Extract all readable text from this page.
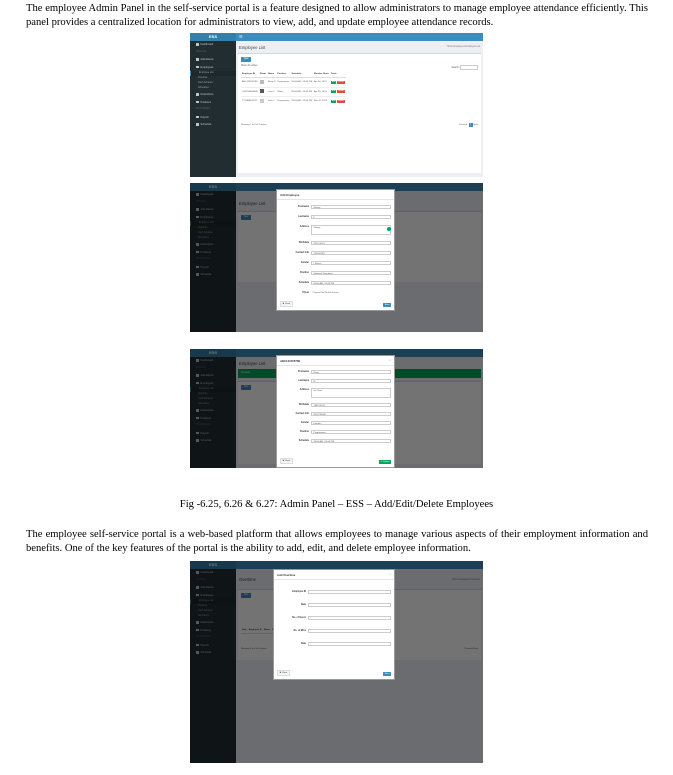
The employee Admin Panel in the self-service portal is a feature designed to allow administrators to manage employee attendance efficiently. This panel provides a centralized location for administrators to view, add, and update employee attendance records.

ESS	☰
Dashboard
MANAGE
Attendance
Employees
Employee List
Overtime
Cash Advance
Schedules
Deductions
Positions
PRINTABLES
Payroll
Schedule
Employee List	Home Employees Employee List
New
Show 10 entries
Search:
Employee ID	Photo	Name	Position	Schedule	Member Since	Tools
ABC123456789		Rony N	Programmer	08:00 AM - 05:00 PM	Apr 30, 2023	Edit Delete
CGN784608846		Lima C	Writer	08:00 AM - 05:00 PM	Apr 30, 2023	Edit Delete
TTZN89644172		Jack L	Programmer	08:00 AM - 05:00 PM	Mar 10, 2023	Edit Delete
Showing 1 to 3 of 3 entries	Previous 1 Next
Add Employee
Firstname	Shetay
Lastname	K
Address	Shetay
Birthdate	2023-04-15
Contact Info	123456789
Gender	- Select -
Position	Software Developer
Schedule	08:00 AM - 05:00 PM
Photo	Choose File No file chosen
✖ Close	Save
ABC123456789	×
Firstname	Rony
Lastname	N
Address	Sri Chan
Birthdate	1999-09-09
Contact Info	8974735088
Gender	Female
Position	Programmer
Schedule	08:00 AM - 05:00 PM
✖ Close	✔ Update

Fig -6.25, 6.26 & 6.27: Admin Panel – ESS – Add/Edit/Delete Employees

The employee self-service portal is a web-based platform that allows employees to manage various aspects of their employment information and benefits. One of the key features of the portal is the ability to add, edit, and delete employee information.

Add Overtime	×
Employee ID
Date
No. of Hours
No. of Mins
Rate
✖ Close	Save
